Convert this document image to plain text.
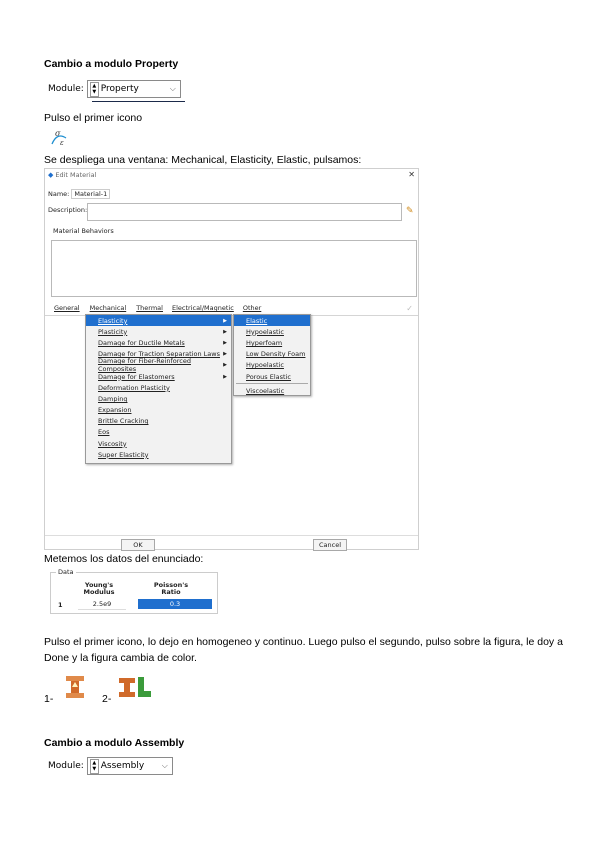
Cambio a modulo Property
Module: ▲
▼ Property	⌵
Pulso el primer icono
σ
ε
Se despliega una ventana: Mechanical, Elasticity, Elastic, pulsamos:
◆ Edit Material	✕
Name: Material-1
Description:	✎
Material Behaviors
General Mechanical Thermal Electrical/Magnetic Other	✓
Elasticity	▶
Plasticity	▶
Damage for Ductile Metals	▶
Damage for Traction Separation Laws ▶
Damage for Fiber-Reinforced Composites	▶
Damage for Elastomers	▶
Deformation Plasticity
Damping
Expansion
Brittle Cracking
Eos
Viscosity
Super Elasticity
Elastic
Hypoelastic
Hyperfoam
Low Density Foam
Hypoelastic
Porous Elastic
Viscoelastic
OK	Cancel
Metemos los datos del enunciado:
Data
Young's Modulus
Poisson's Ratio
1	2.5e9	0.3
Pulso el primer icono, lo dejo en homogeneo y continuo. Luego pulso el segundo, pulso sobre la figura, le doy a Done y la figura cambia de color.
1-	2-
Cambio a modulo Assembly
Module: ▲
▼ Assembly	⌵
